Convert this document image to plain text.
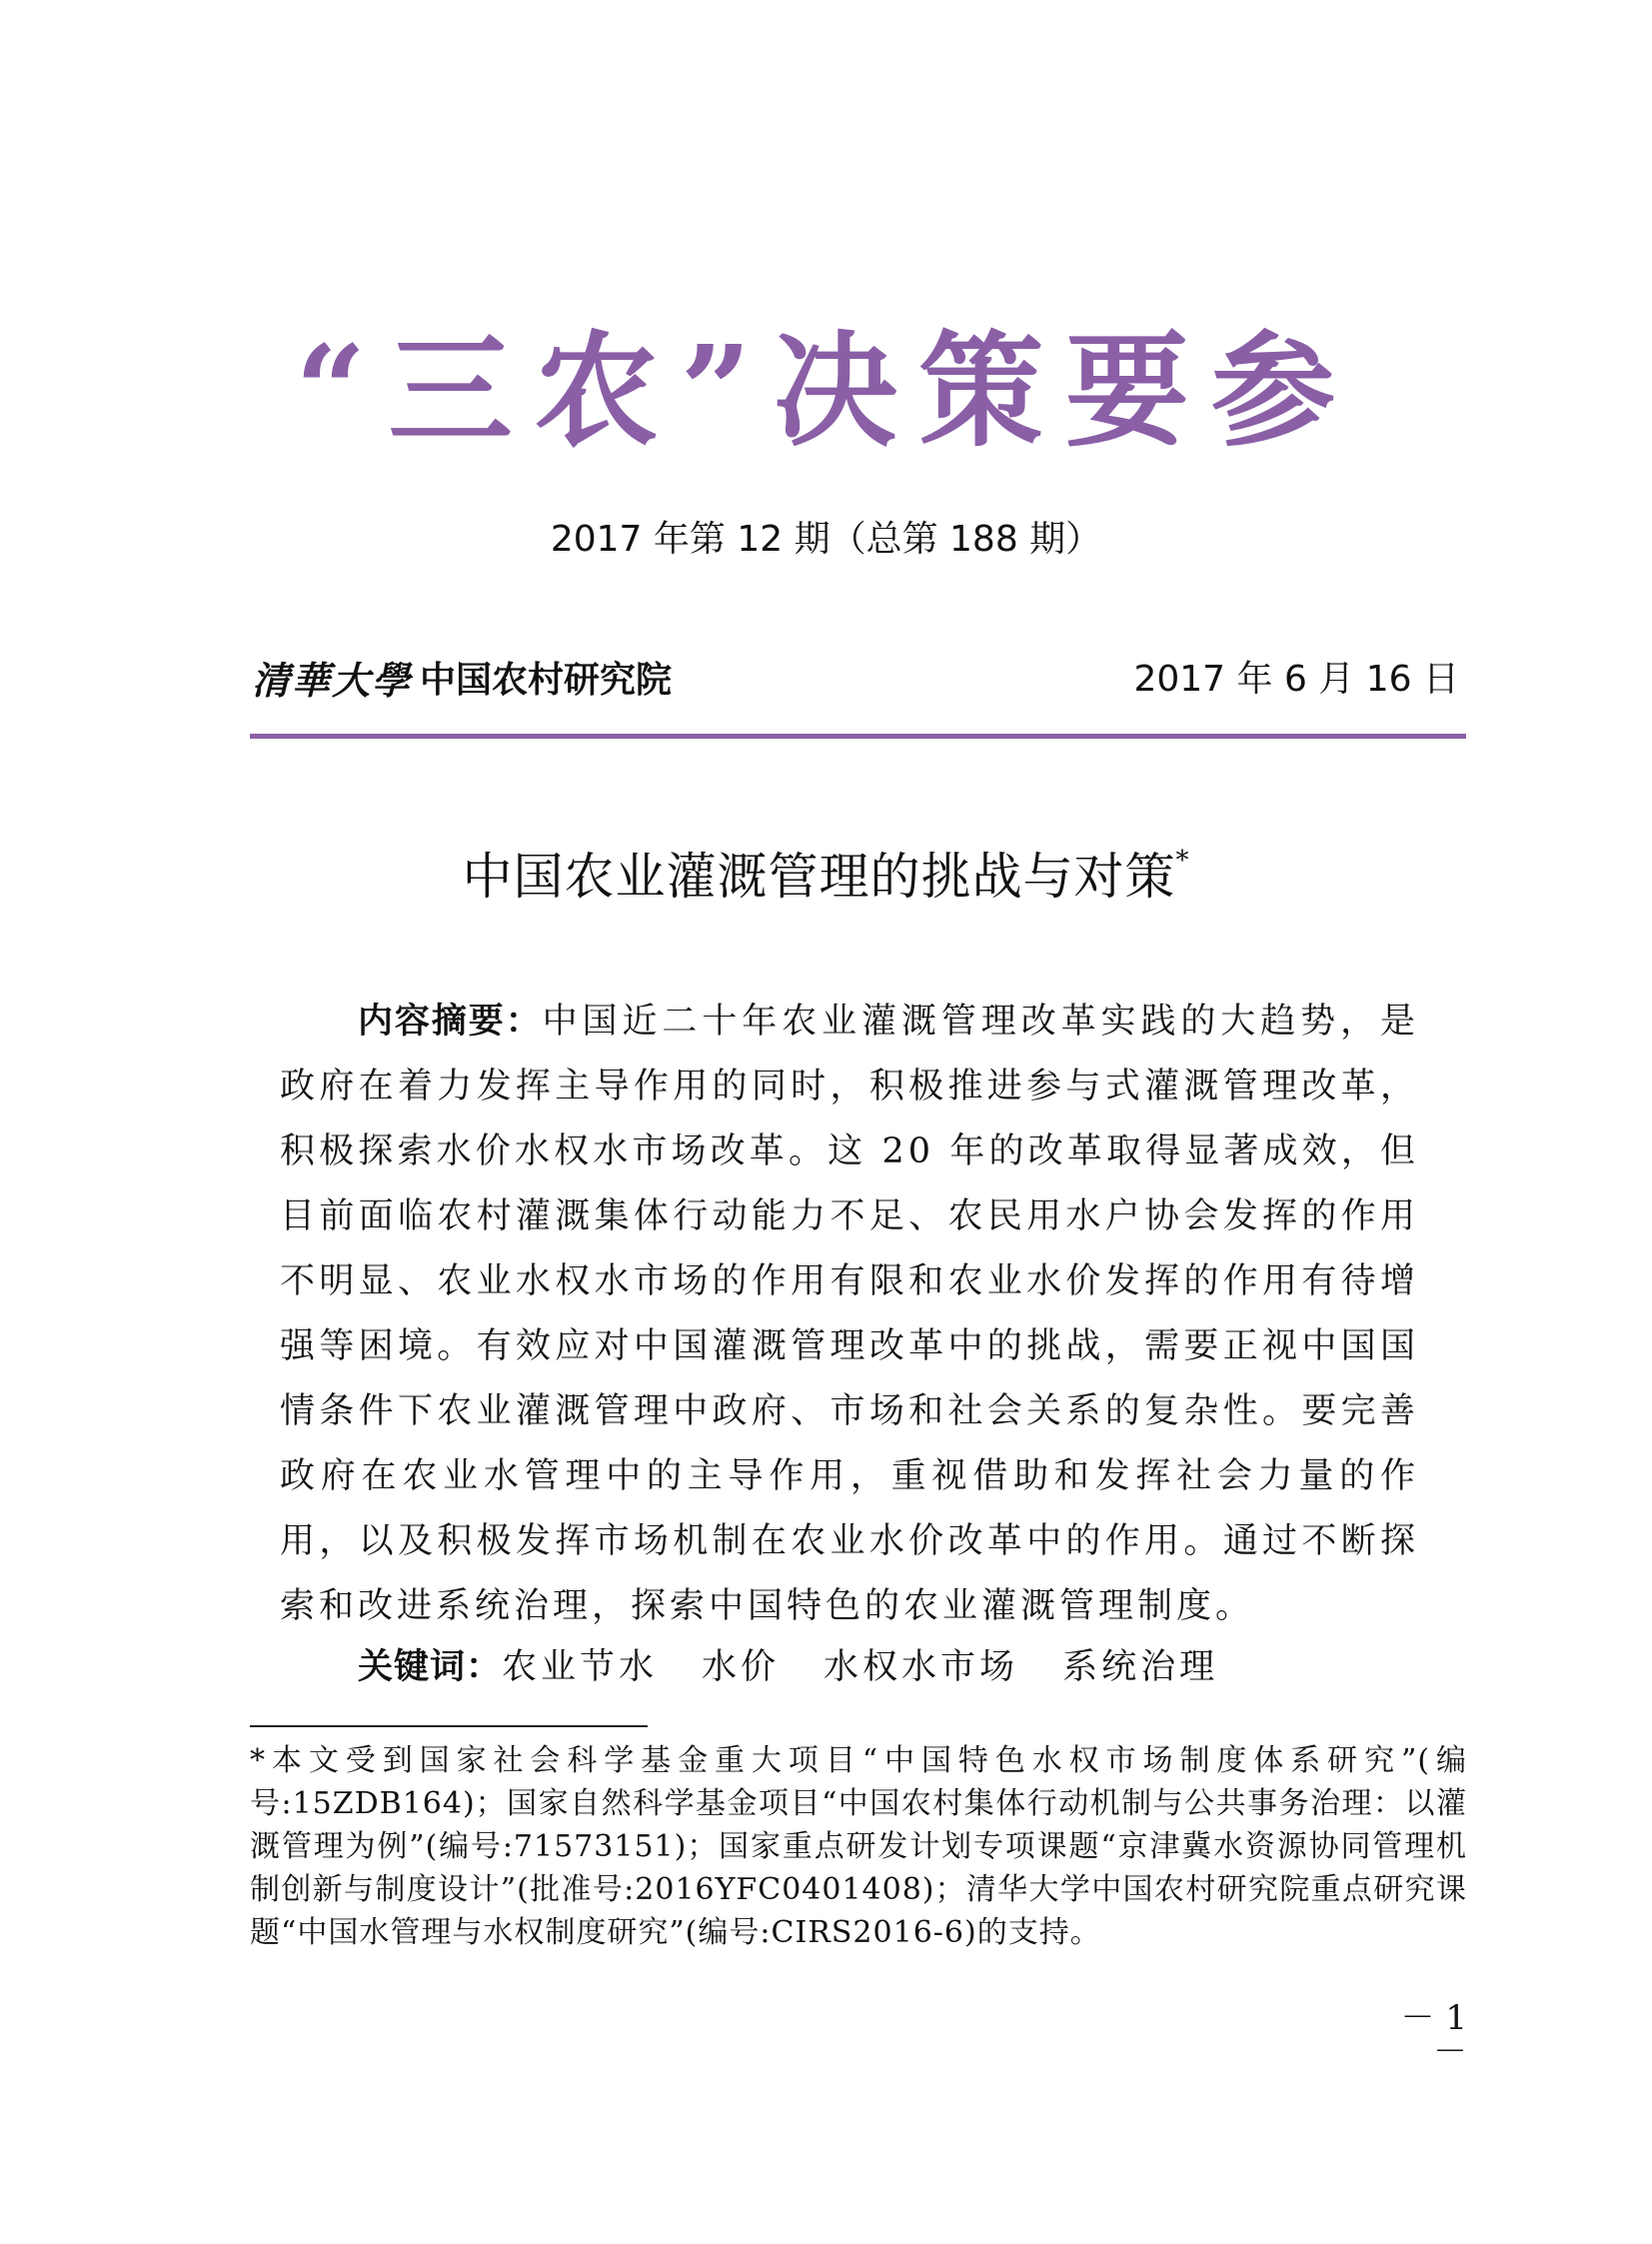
“三农”决策要参
2017 年第 12 期（总第 188 期）
清華大學 中国农村研究院	2017 年 6 月 16 日
中国农业灌溉管理的挑战与对策*

内容摘要：中国近二十年农业灌溉管理改革实践的大趋势，是政府在着力发挥主导作用的同时，积极推进参与式灌溉管理改革，积极探索水价水权水市场改革。这 20 年的改革取得显著成效，但目前面临农村灌溉集体行动能力不足、农民用水户协会发挥的作用不明显、农业水权水市场的作用有限和农业水价发挥的作用有待增强等困境。有效应对中国灌溉管理改革中的挑战，需要正视中国国情条件下农业灌溉管理中政府、市场和社会关系的复杂性。要完善政府在农业水管理中的主导作用，重视借助和发挥社会力量的作用，以及积极发挥市场机制在农业水价改革中的作用。通过不断探索和改进系统治理，探索中国特色的农业灌溉管理制度。

关键词：农业节水 水价 水权水市场 系统治理

*本文受到国家社会科学基金重大项目“中国特色水权市场制度体系研究”(编号:15ZDB164)；国家自然科学基金项目“中国农村集体行动机制与公共事务治理：以灌溉管理为例”(编号:71573151)；国家重点研发计划专项课题“京津冀水资源协同管理机制创新与制度设计”(批准号:2016YFC0401408)；清华大学中国农村研究院重点研究课题“中国水管理与水权制度研究”(编号:CIRS2016-6)的支持。

－ 1 －
